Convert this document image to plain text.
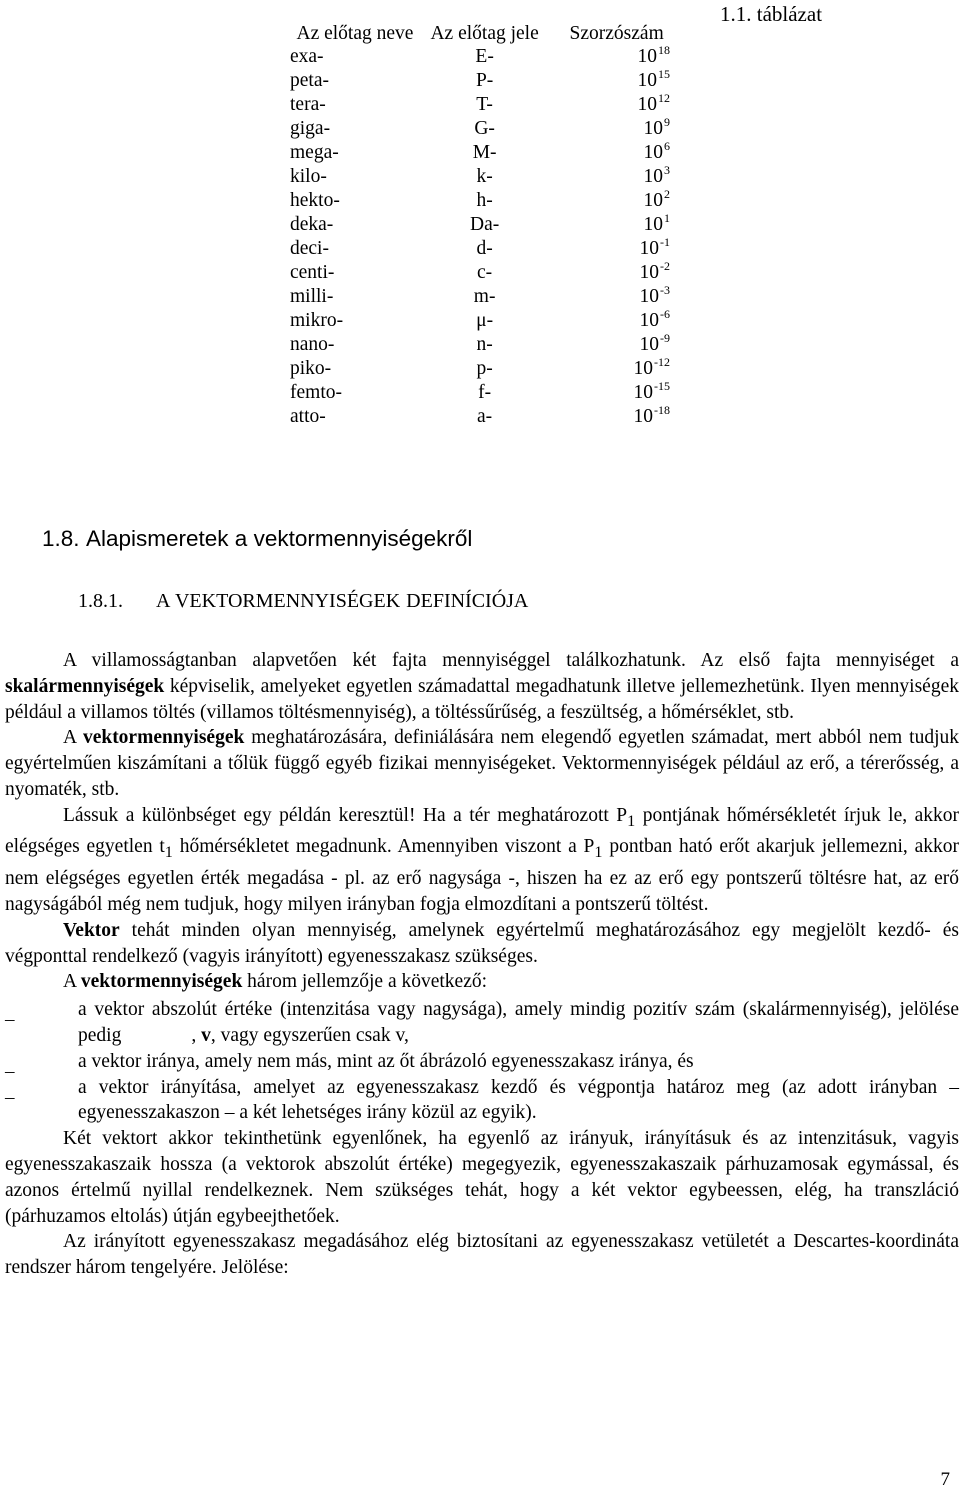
1.1. táblázat
Az előtag neve	Az előtag jele	Szorzószám
exa-	E-	$10^{18}$
peta-	P-	$10^{15}$
tera-	T-	$10^{12}$
giga-	G-	$10^9$
mega-	M-	$10^6$
kilo-	k-	$10^3$
hekto-	h-	$10^2$
deka-	Da-	$10^1$
deci-	d-	$10^{-1}$
centi-	c-	$10^{-2}$
milli-	m-	$10^{-3}$
mikro-	μ-	$10^{-6}$
nano-	n-	$10^{-9}$
piko-	p-	$10^{-12}$
femto-	f-	$10^{-15}$
atto-	a-	$10^{-18}$
1.8. Alapismeretek a vektormennyiségekről
1.8.1. A VEKTORMENNYISÉGEK DEFINÍCIÓJA

A villamosságtanban alapvetően két fajta mennyiséggel találkozhatunk. Az első fajta mennyiséget a skalármennyiségek képviselik, amelyeket egyetlen számadattal megadhatunk illetve jellemezhetünk. Ilyen mennyiségek például a villamos töltés (villamos töltésmennyiség), a töltéssűrűség, a feszültség, a hőmérséklet, stb.

A vektormennyiségek meghatározására, definiálására nem elegendő egyetlen számadat, mert abból nem tudjuk egyértelműen kiszámítani a tőlük függő egyéb fizikai mennyiségeket. Vektormennyiségek például az erő, a térerősség, a nyomaték, stb.

Lássuk a különbséget egy példán keresztül! Ha a tér meghatározott $P_1$ pontjának hőmérsékletét írjuk le, akkor elégséges egyetlen $t_1$ hőmérsékletet megadnunk. Amennyiben viszont a $P_1$ pontban ható erőt akarjuk jellemezni, akkor nem elégséges egyetlen érték megadása - pl. az erő nagysága -, hiszen ha ez az erő egy pontszerű töltésre hat, az erő nagyságából még nem tudjuk, hogy milyen irányban fogja elmozdítani a pontszerű töltést.

Vektor tehát minden olyan mennyiség, amelynek egyértelmű meghatározásához egy megjelölt kezdő- és végponttal rendelkező (vagyis irányított) egyenesszakasz szükséges.

A vektormennyiségek három jellemzője a következő:

–	a vektor abszolút értéke (intenzitása vagy nagysága), amely mindig pozitív szám (skalármennyiség), jelölése pedig	, v, vagy egyszerűen csak v,
–	a vektor iránya, amely nem más, mint az őt ábrázoló egyenesszakasz iránya, és
–	a vektor irányítása, amelyet az egyenesszakasz kezdő és végpontja határoz meg (az adott irányban – egyenesszakaszon – a két lehetséges irány közül az egyik).

Két vektort akkor tekinthetünk egyenlőnek, ha egyenlő az irányuk, irányításuk és az intenzitásuk, vagyis egyenesszakaszaik hossza (a vektorok abszolút értéke) megegyezik, egyenesszakaszaik párhuzamosak egymással, és azonos értelmű nyillal rendelkeznek. Nem szükséges tehát, hogy a két vektor egybeessen, elég, ha transzláció (párhuzamos eltolás) útján egybeejthetőek.

Az irányított egyenesszakasz megadásához elég biztosítani az egyenesszakasz vetületét a Descartes-koordináta rendszer három tengelyére. Jelölése:

7
